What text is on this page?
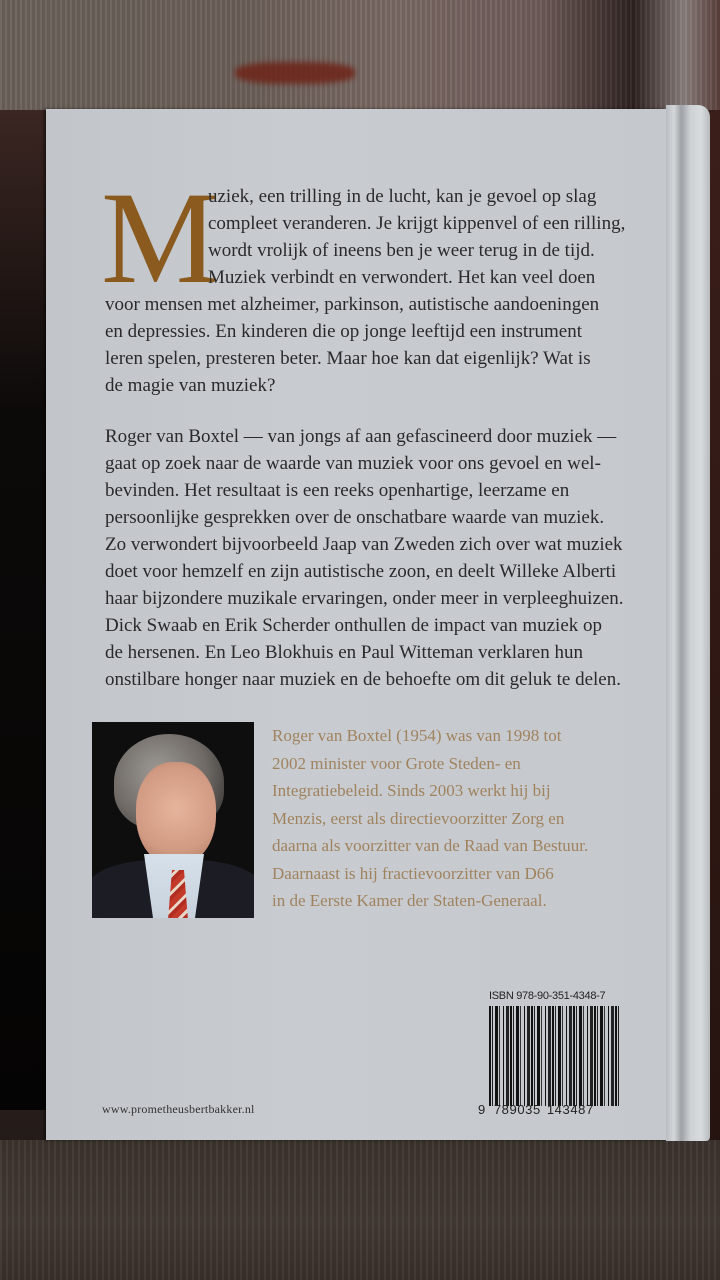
M
uziek, een trilling in de lucht, kan je gevoel op slag
compleet veranderen. Je krijgt kippenvel of een rilling,
wordt vrolijk of ineens ben je weer terug in de tijd.
Muziek verbindt en verwondert. Het kan veel doen
voor mensen met alzheimer, parkinson, autistische aandoeningen
en depressies. En kinderen die op jonge leeftijd een instrument
leren spelen, presteren beter. Maar hoe kan dat eigenlijk? Wat is
de magie van muziek?
Roger van Boxtel — van jongs af aan gefascineerd door muziek —
gaat op zoek naar de waarde van muziek voor ons gevoel en wel-
bevinden. Het resultaat is een reeks openhartige, leerzame en
persoonlijke gesprekken over de onschatbare waarde van muziek.
Zo verwondert bijvoorbeeld Jaap van Zweden zich over wat muziek
doet voor hemzelf en zijn autistische zoon, en deelt Willeke Alberti
haar bijzondere muzikale ervaringen, onder meer in verpleeghuizen.
Dick Swaab en Erik Scherder onthullen de impact van muziek op
de hersenen. En Leo Blokhuis en Paul Witteman verklaren hun
onstilbare honger naar muziek en de behoefte om dit geluk te delen.
Roger van Boxtel (1954) was van 1998 tot
2002 minister voor Grote Steden- en
Integratiebeleid. Sinds 2003 werkt hij bij
Menzis, eerst als directievoorzitter Zorg en
daarna als voorzitter van de Raad van Bestuur.
Daarnaast is hij fractievoorzitter van D66
in de Eerste Kamer der Staten-Generaal.
ISBN 978-90-351-4348-7
9 789035 143487
www.prometheusbertbakker.nl
